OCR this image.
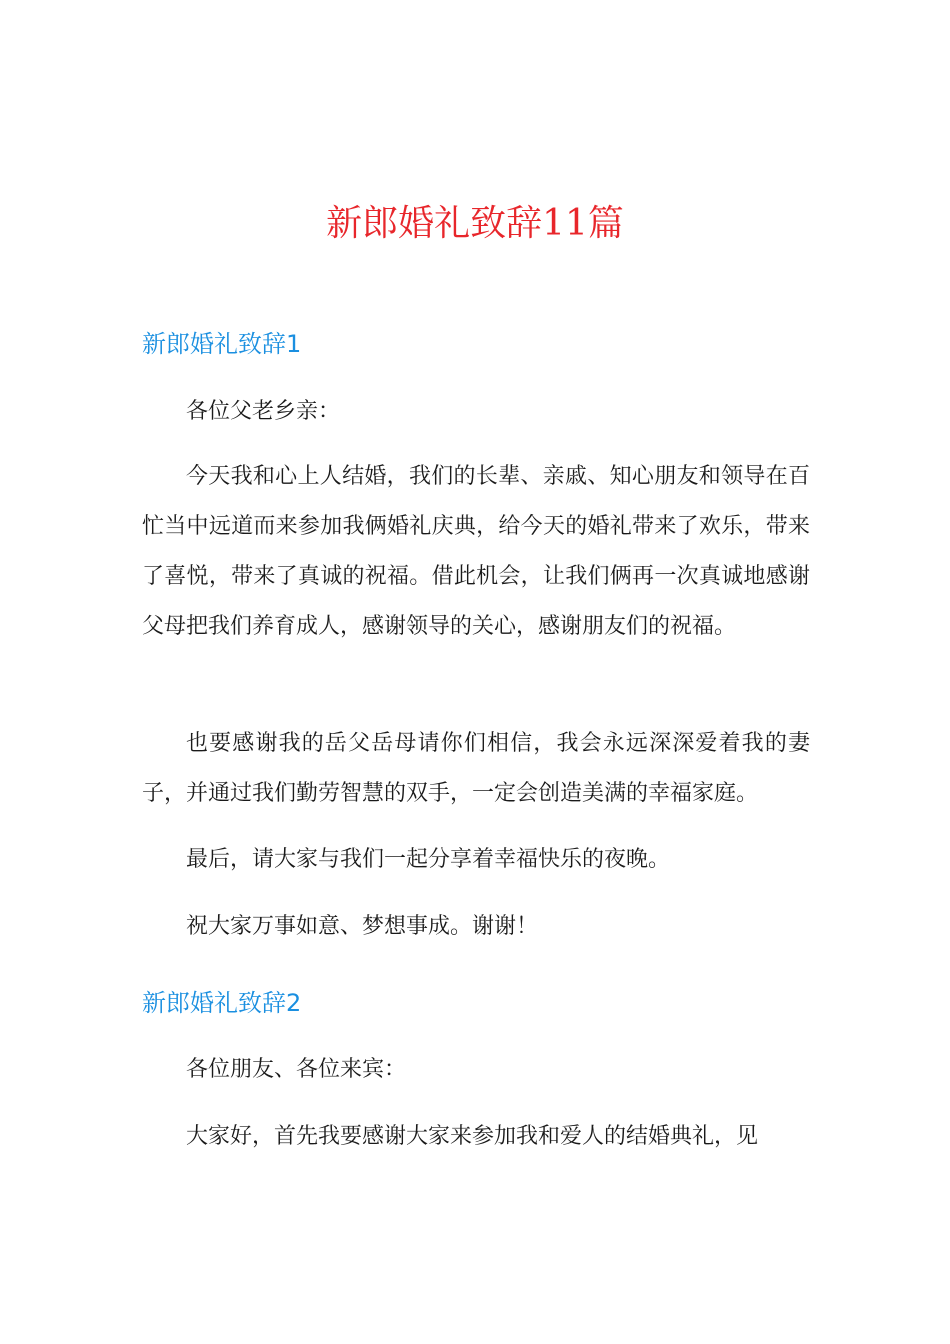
新郎婚礼致辞11篇
新郎婚礼致辞1

各位父老乡亲：

今天我和心上人结婚，我们的长辈、亲戚、知心朋友和领导在百忙当中远道而来参加我俩婚礼庆典，给今天的婚礼带来了欢乐，带来了喜悦，带来了真诚的祝福。借此机会，让我们俩再一次真诚地感谢父母把我们养育成人，感谢领导的关心，感谢朋友们的祝福。

也要感谢我的岳父岳母请你们相信，我会永远深深爱着我的妻子，并通过我们勤劳智慧的双手，一定会创造美满的幸福家庭。

最后，请大家与我们一起分享着幸福快乐的夜晚。

祝大家万事如意、梦想事成。谢谢！

新郎婚礼致辞2

各位朋友、各位来宾：

大家好，首先我要感谢大家来参加我和爱人的结婚典礼，见
